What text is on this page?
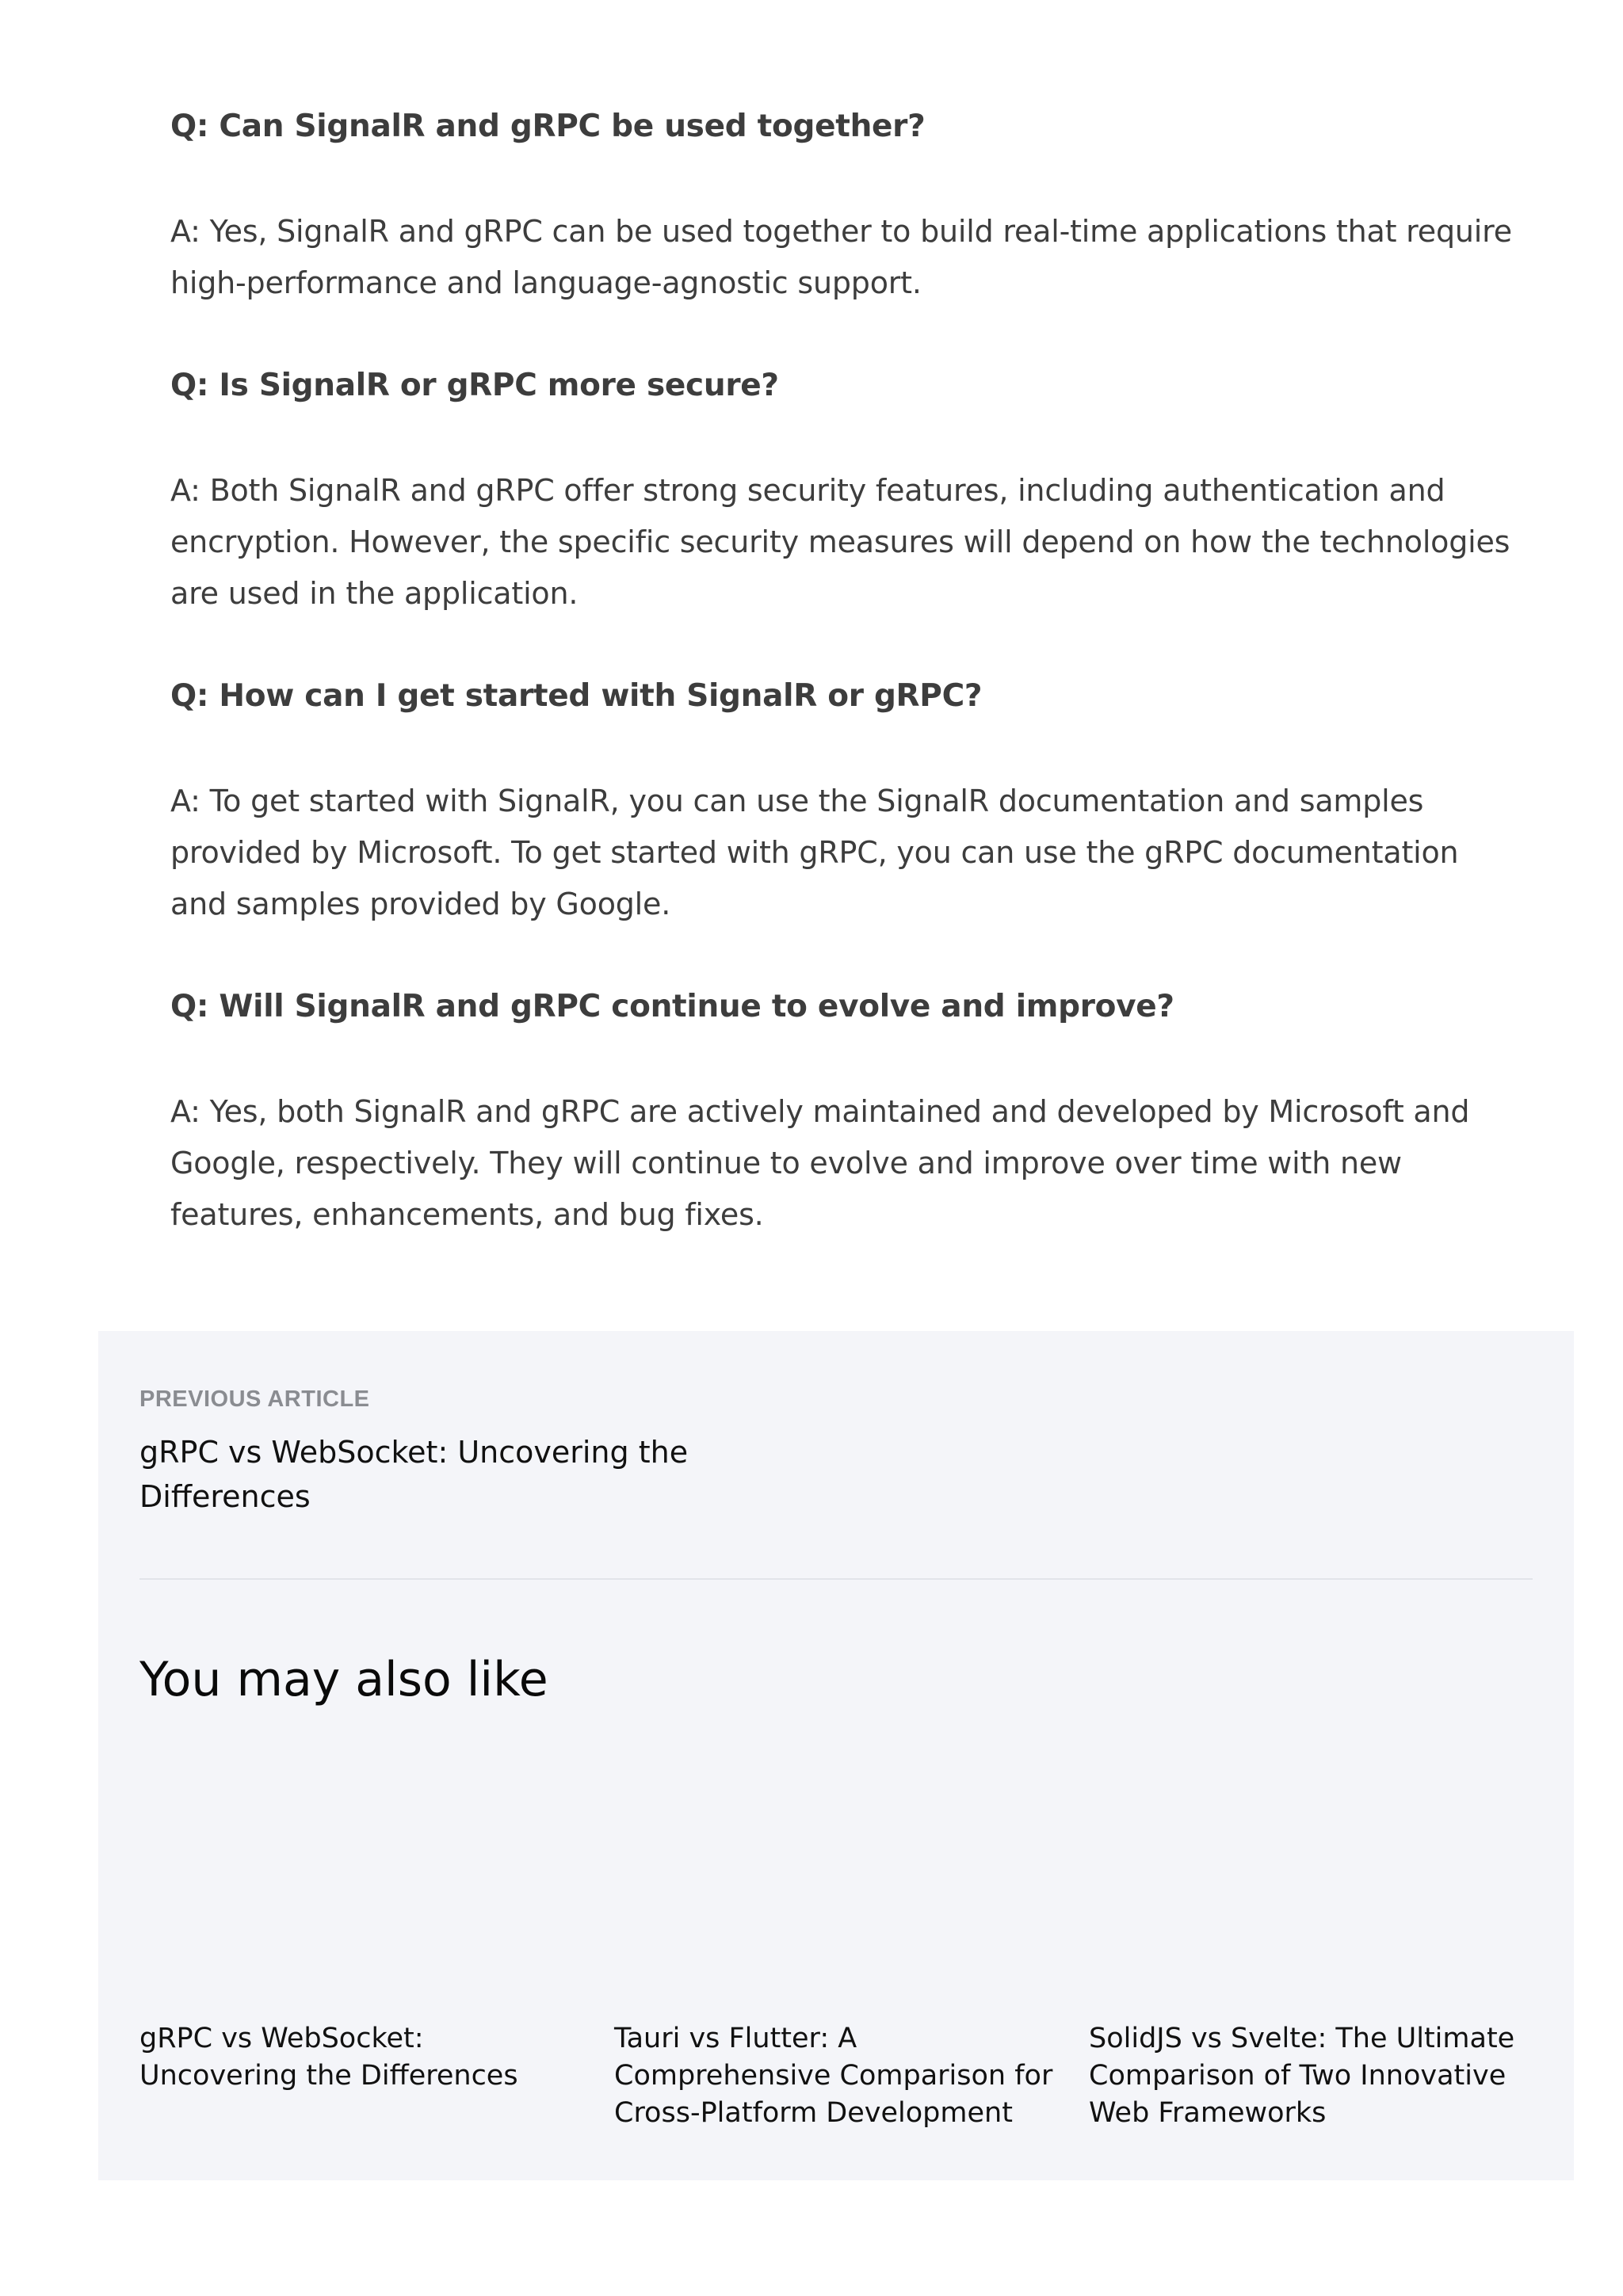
Q: Can SignalR and gRPC be used together?

A: Yes, SignalR and gRPC can be used together to build real-time applications that require high-performance and language-agnostic support.

Q: Is SignalR or gRPC more secure?

A: Both SignalR and gRPC offer strong security features, including authentication and encryption. However, the specific security measures will depend on how the technologies are used in the application.

Q: How can I get started with SignalR or gRPC?

A: To get started with SignalR, you can use the SignalR documentation and samples provided by Microsoft. To get started with gRPC, you can use the gRPC documentation and samples provided by Google.

Q: Will SignalR and gRPC continue to evolve and improve?

A: Yes, both SignalR and gRPC are actively maintained and developed by Microsoft and Google, respectively. They will continue to evolve and improve over time with new features, enhancements, and bug fixes.

PREVIOUS ARTICLE
gRPC vs WebSocket: Uncovering the Differences
You may also like
gRPC vs WebSocket: Uncovering the Differences
Tauri vs Flutter: A Comprehensive Comparison for Cross-Platform Development
SolidJS vs Svelte: The Ultimate Comparison of Two Innovative Web Frameworks
